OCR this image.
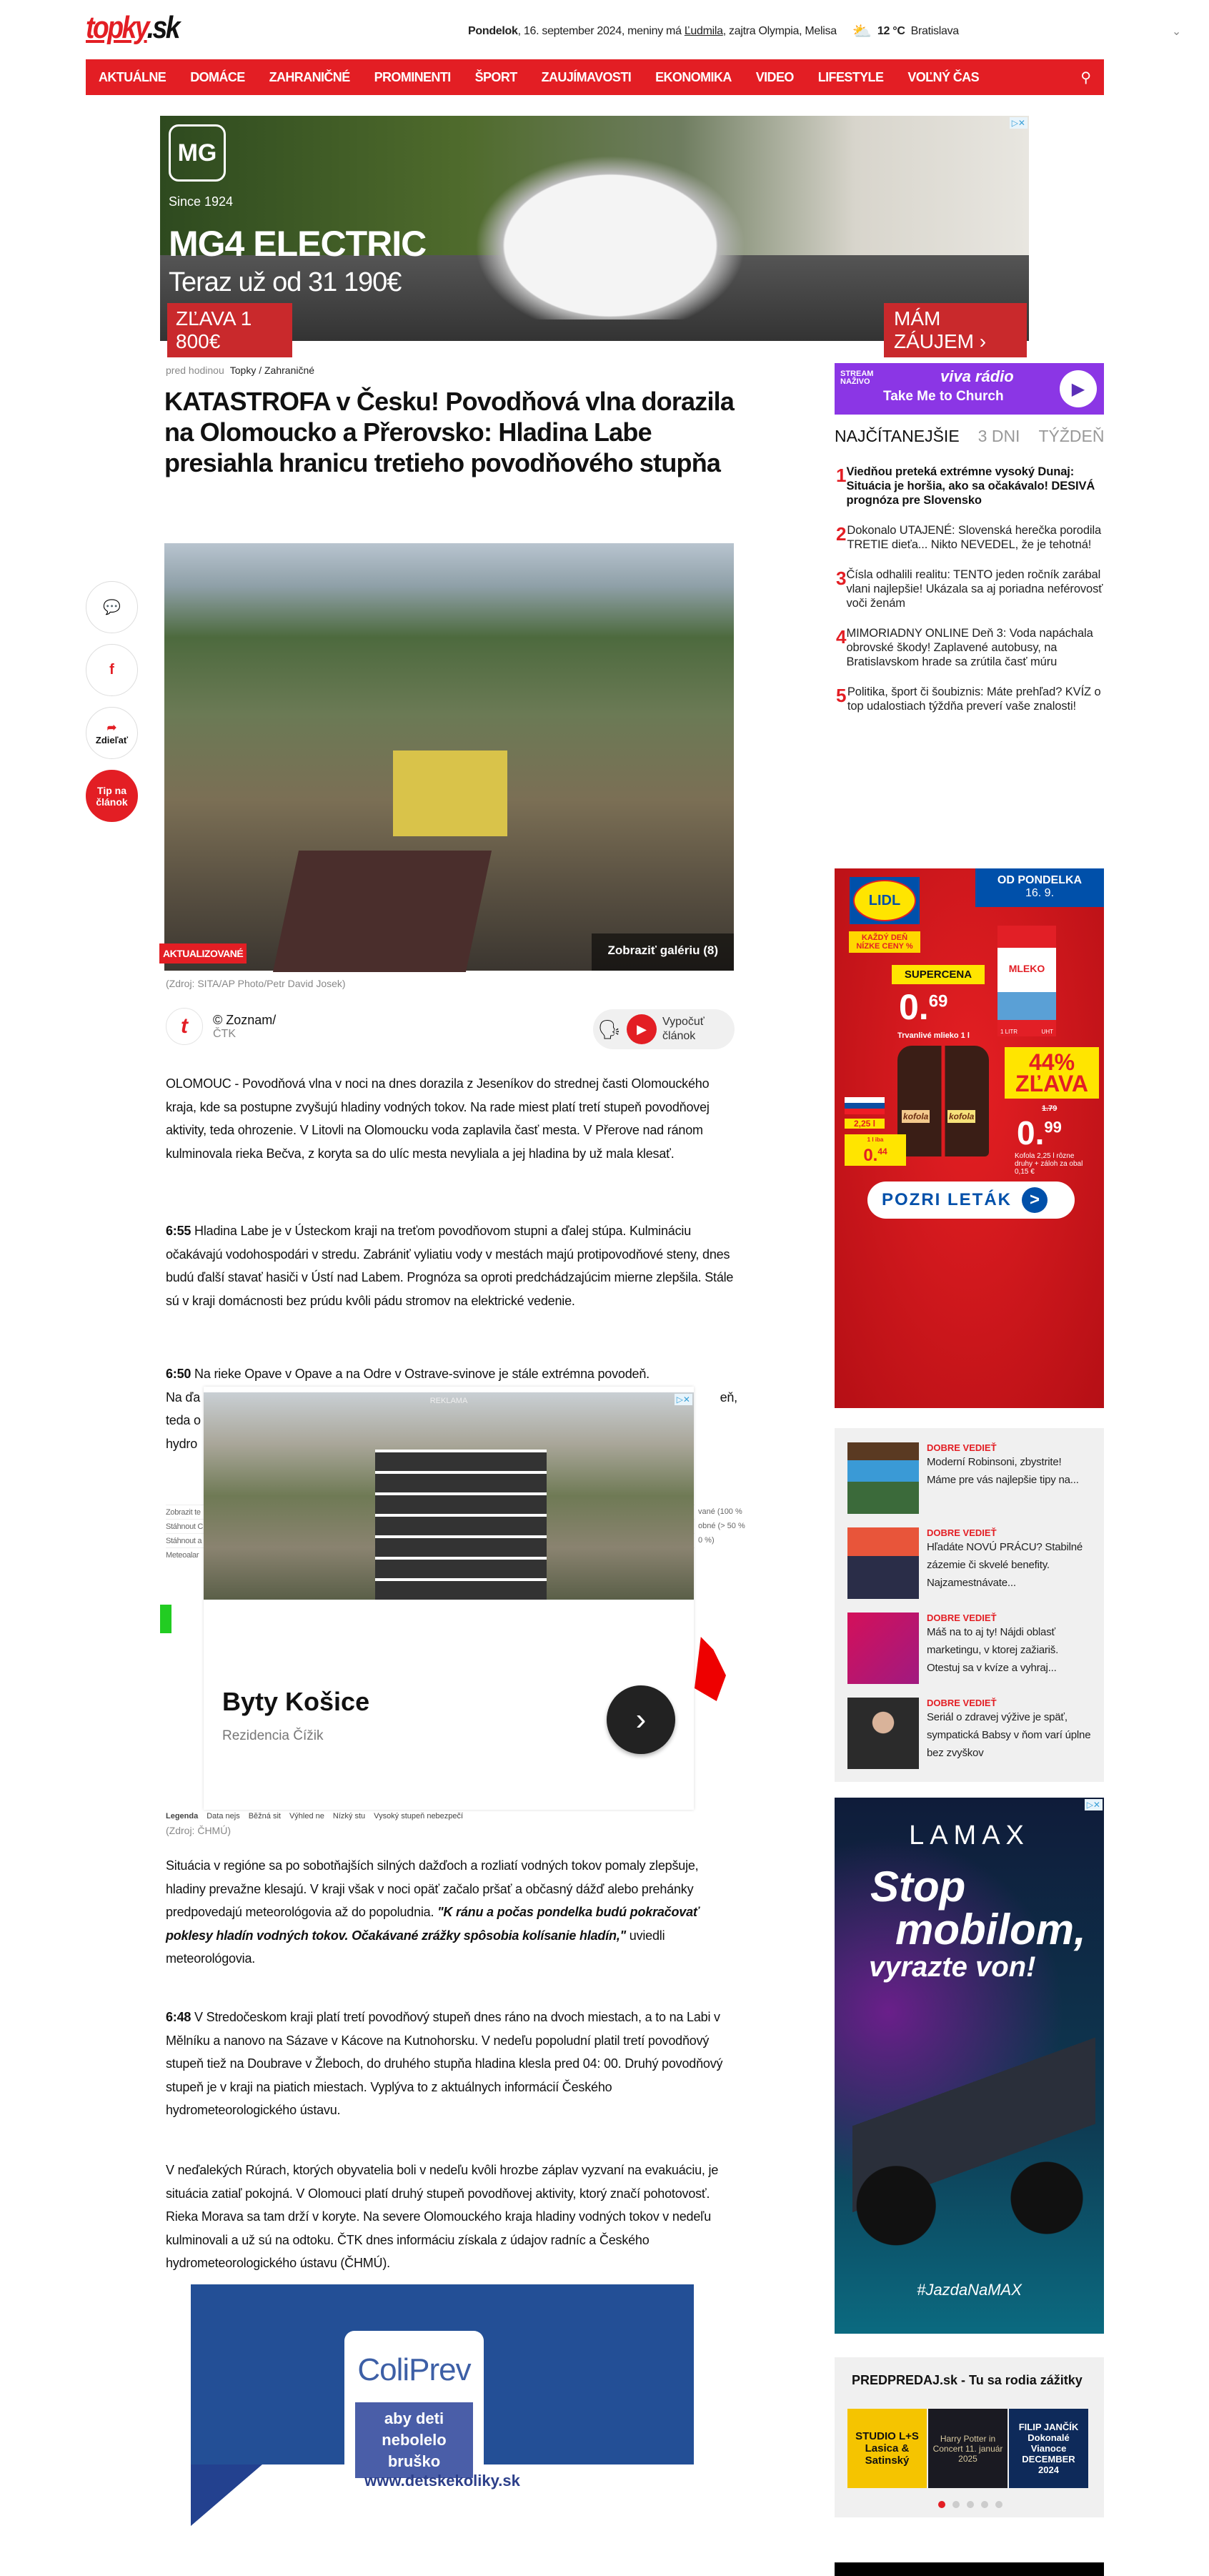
topky.sk	Pondelok, 16. september 2024, meniny má Ľudmila, zajtra Olympia, Melisa ⛅ 12 °C Bratislava	⌄
AKTUÁLNE DOMÁCE ZAHRANIČNÉ PROMINENTI ŠPORT ZAUJÍMAVOSTI EKONOMIKA VIDEO LIFESTYLE VOĽNÝ ČAS	⚲
MG
Since 1924
MG4 ELECTRIC
Teraz už od 31 190€
ZĽAVA 1 800€
MÁM ZÁUJEM ›
▷✕
💬
f
➦
Zdieľať
Tip na článok
pred hodinou Topky / Zahraničné
KATASTROFA v Česku! Povodňová vlna dorazila na Olomoucko a Přerovsko: Hladina Labe presiahla hranicu tretieho povodňového stupňa
Zobraziť galériu (8)
AKTUALIZOVANÉ
(Zdroj: SITA/AP Photo/Petr David Josek)
t	© Zoznam/
ČTK	🗣	▶	Vypočuť článok

OLOMOUC - Povodňová vlna v noci na dnes dorazila z Jeseníkov do strednej časti Olomouckého kraja, kde sa postupne zvyšujú hladiny vodných tokov. Na rade miest platí tretí stupeň povodňovej aktivity, teda ohrozenie. V Litovli na Olomoucku voda zaplavila časť mesta. V Přerove nad ránom kulminovala rieka Bečva, z koryta sa do ulíc mesta nevyliala a jej hladina by už mala klesať.

6:55 Hladina Labe je v Ústeckom kraji na treťom povodňovom stupni a ďalej stúpa. Kulmináciu očakávajú vodohospodári v stredu. Zabrániť vyliatiu vody v mestách majú protipovodňové steny, dnes budú ďalší stavať hasiči v Ústí nad Labem. Prognóza sa oproti predchádzajúcim mierne zlepšila. Stále sú v kraji domácnosti bez prúdu kvôli pádu stromov na elektrické vedenie.

6:50 Na rieke Opave v Opave a na Odre v Ostrave-svinove je stále extrémna povodeň.
Na ďa	eň,

teda o
hydro

Zobrazit te
Stáhnout C
Stáhnout a
Meteoalar
vané (100 %
obné (> 50 %
0 %)
Legenda Data nejs Běžná sit Výhled ne Nízký stu Vysoký stupeň nebezpečí
(Zdroj: ČHMÚ)
REKLAMA	▷✕
Byty Košice
Rezidencia Čížik	›

Situácia v regióne sa po sobotňajších silných dažďoch a rozliatí vodných tokov pomaly zlepšuje, hladiny prevažne klesajú. V kraji však v noci opäť začalo pršať a občasný dážď alebo prehánky predpovedajú meteorológovia až do popoludnia. "K ránu a počas pondelka budú pokračovať poklesy hladín vodných tokov. Očakávané zrážky spôsobia kolísanie hladín," uviedli meteorológovia.

6:48 V Stredočeskom kraji platí tretí povodňový stupeň dnes ráno na dvoch miestach, a to na Labi v Mělníku a nanovo na Sázave v Kácove na Kutnohorsku. V nedeľu popoludní platil tretí povodňový stupeň tiež na Doubrave v Žleboch, do druhého stupňa hladina klesla pred 04: 00. Druhý povodňový stupeň je v kraji na piatich miestach. Vyplýva to z aktuálnych informácií Českého hydrometeorologického ústavu.

V neďalekých Rúrach, ktorých obyvatelia boli v nedeľu kvôli hrozbe záplav vyzvaní na evakuáciu, je situácia zatiaľ pokojná. V Olomouci platí druhý stupeň povodňovej aktivity, ktorý značí pohotovosť. Rieka Morava sa tam drží v koryte. Na severe Olomouckého kraja hladiny vodných tokov v nedeľu kulminovali a už sú na odtoku. ČTK dnes informáciu získala z údajov radníc a Českého hydrometeorologického ústavu (ČHMÚ).

ColiPrev
aby deti nebolelo bruško
www.detskekoliky.sk
STREAM NAŽIVO	viva rádio
Take Me to Church	▶
NAJČÍTANEJŠIE 3 DNI TÝŽDEŇ
1 Viedňou preteká extrémne vysoký Dunaj: Situácia je horšia, ako sa očakávalo! DESIVÁ prognóza pre Slovensko
2 Dokonalo UTAJENÉ: Slovenská herečka porodila TRETIE dieťa... Nikto NEVEDEL, že je tehotná!
3 Čísla odhalili realitu: TENTO jeden ročník zarábal vlani najlepšie! Ukázala sa aj poriadna neférovosť voči ženám
4 MIMORIADNY ONLINE Deň 3: Voda napáchala obrovské škody! Zaplavené autobusy, na Bratislavskom hrade sa zrútila časť múru
5 Politika, šport či šoubiznis: Máte prehľad? KVÍZ o top udalostiach týždňa preverí vaše znalosti!
LIDL
OD PONDELKA
16. 9.
KAŽDÝ DEŇ NÍZKE CENY %
SUPERCENA
0.69
Trvanlivé mlieko 1 l
MLEKO
1 LITR	UHT
kofola kofola
44% ZĽAVA
1.79
0.99
Kofola 2,25 l rôzne druhy + záloh za obal 0,15 €
2,25 l
1 l iba
0.44
POZRI LETÁK	>
DOBRE VEDIEŤ
Moderní Robinsoni, zbystrite! Máme pre vás najlepšie tipy na...
DOBRE VEDIEŤ
Hľadáte NOVÚ PRÁCU? Stabilné zázemie či skvelé benefity. Najzamestnávate...
DOBRE VEDIEŤ
Máš na to aj ty! Nájdi oblasť marketingu, v ktorej zažiariš. Otestuj sa v kvíze a vyhraj...
DOBRE VEDIEŤ
Seriál o zdravej výžive je späť, sympatická Babsy v ňom varí úplne bez zvyškov
▷✕
LAMAX
Stop
mobilom,
vyrazte von!
#JazdaNaMAX
PREDPREDAJ.sk - Tu sa rodia zážitky
STUDIO L+S Lasica & Satinský
Harry Potter in Concert 11. január 2025
FILIP JANČÍK Dokonalé Vianoce DECEMBER 2024
